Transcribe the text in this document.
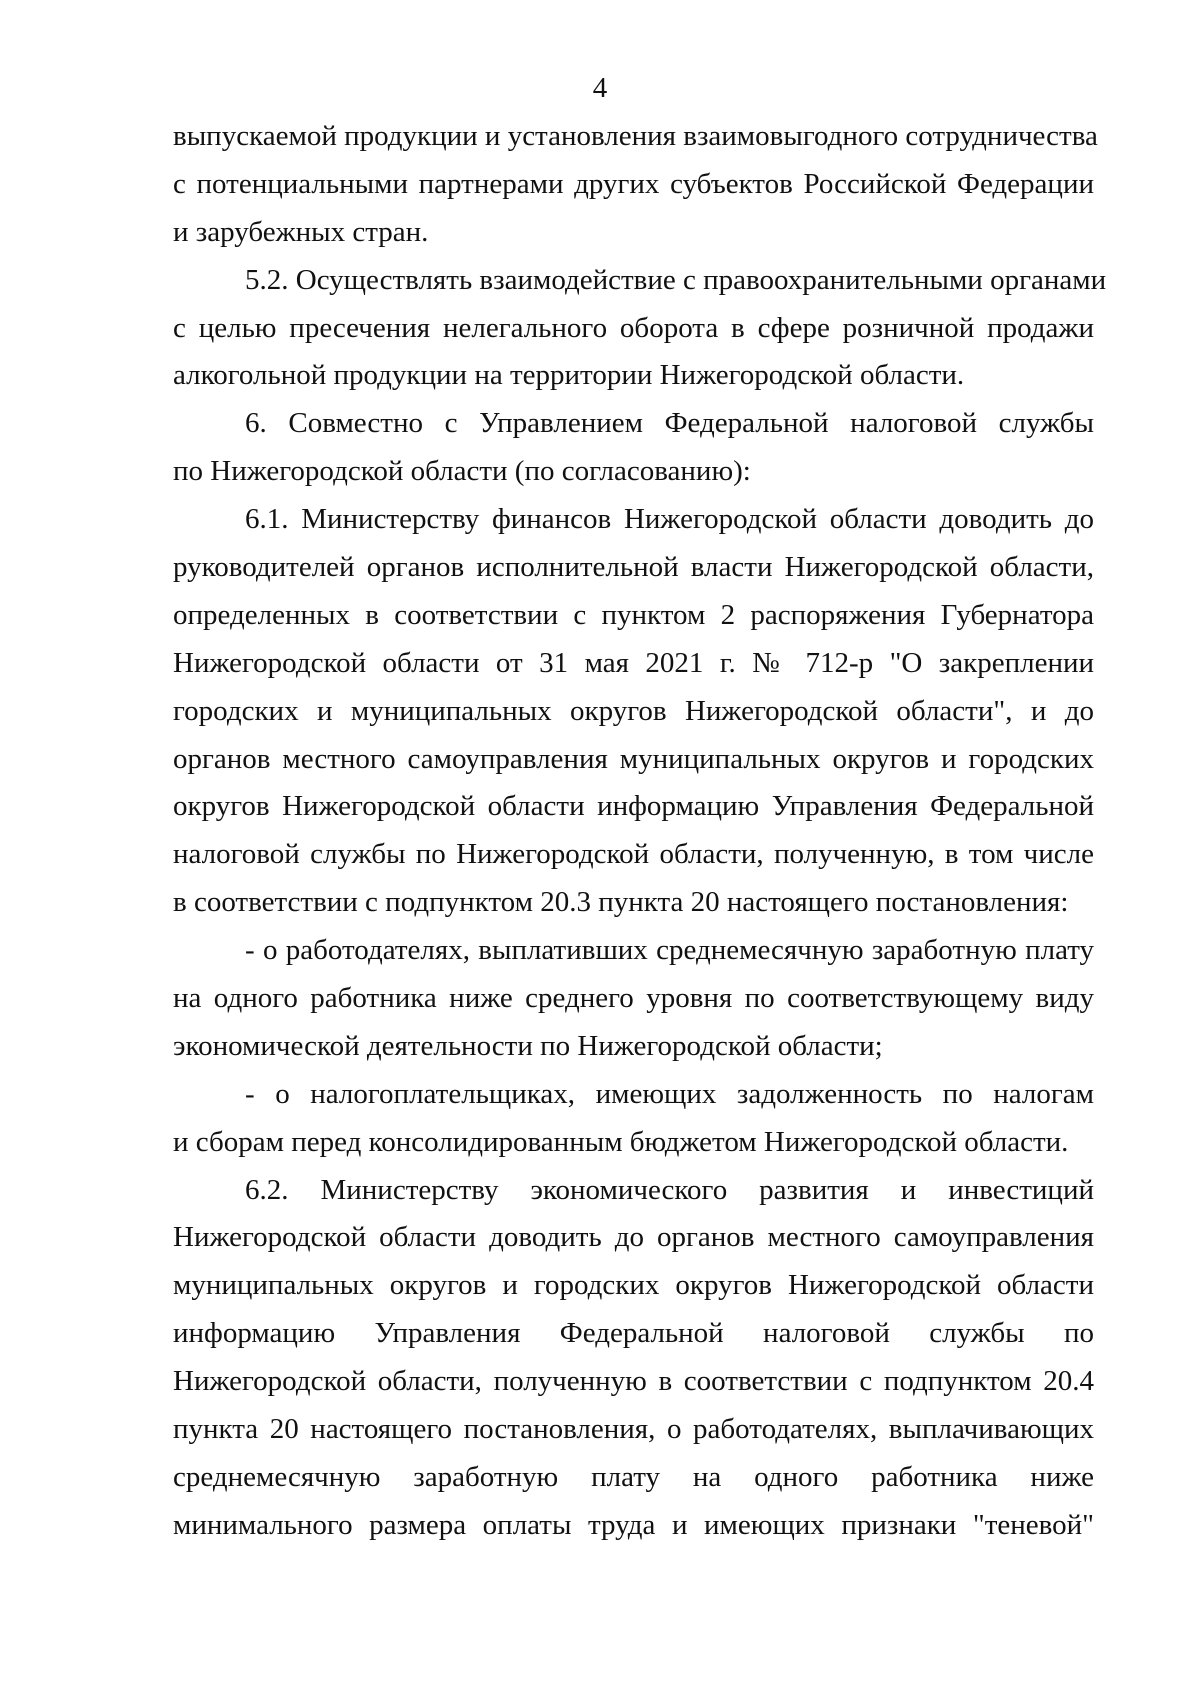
4
выпускаемой продукции и установления взаимовыгодного сотрудничества
с потенциальными партнерами других субъектов Российской Федерации
и зарубежных стран.
5.2. Осуществлять взаимодействие с правоохранительными органами
с целью пресечения нелегального оборота в сфере розничной продажи
алкогольной продукции на территории Нижегородской области.
6. Совместно с Управлением Федеральной налоговой службы
по Нижегородской области (по согласованию):
6.1. Министерству финансов Нижегородской области доводить до
руководителей органов исполнительной власти Нижегородской области,
определенных в соответствии с пунктом 2 распоряжения Губернатора
Нижегородской области от 31 мая 2021 г. № 712-р "О закреплении
городских и муниципальных округов Нижегородской области", и до
органов местного самоуправления муниципальных округов и городских
округов Нижегородской области информацию Управления Федеральной
налоговой службы по Нижегородской области, полученную, в том числе
в соответствии с подпунктом 20.3 пункта 20 настоящего постановления:
- о работодателях, выплативших среднемесячную заработную плату
на одного работника ниже среднего уровня по соответствующему виду
экономической деятельности по Нижегородской области;
- о налогоплательщиках, имеющих задолженность по налогам
и сборам перед консолидированным бюджетом Нижегородской области.
6.2. Министерству экономического развития и инвестиций
Нижегородской области доводить до органов местного самоуправления
муниципальных округов и городских округов Нижегородской области
информацию Управления Федеральной налоговой службы по
Нижегородской области, полученную в соответствии с подпунктом 20.4
пункта 20 настоящего постановления, о работодателях, выплачивающих
среднемесячную заработную плату на одного работника ниже
минимального размера оплаты труда и имеющих признаки "теневой"
